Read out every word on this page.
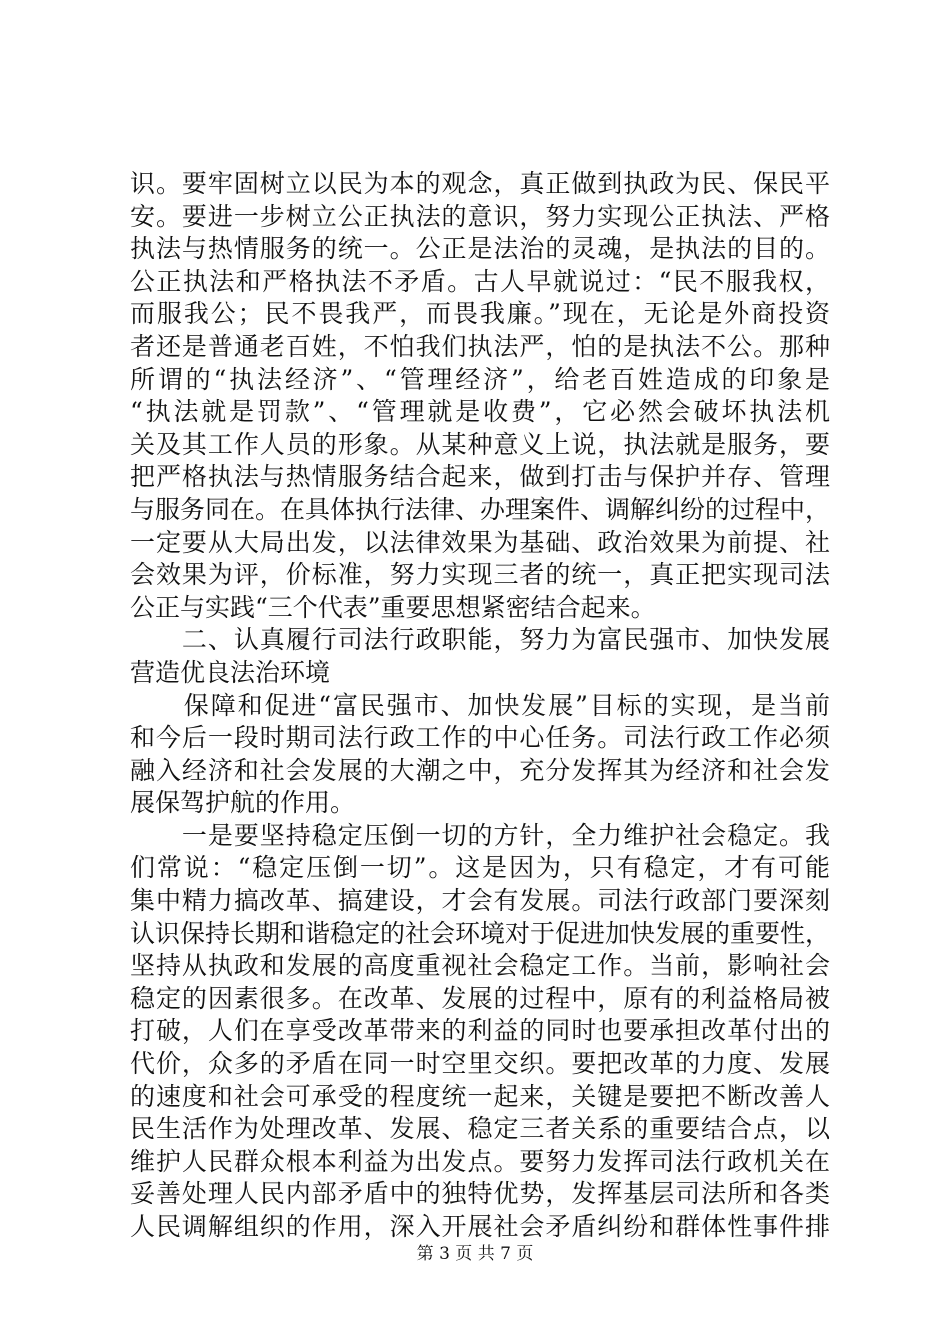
识。要牢固树立以民为本的观念，真正做到执政为民、保民平
安。要进一步树立公正执法的意识，努力实现公正执法、严格
执法与热情服务的统一。公正是法治的灵魂，是执法的目的。
公正执法和严格执法不矛盾。古人早就说过：“民不服我权，
而服我公；民不畏我严，而畏我廉。”现在，无论是外商投资
者还是普通老百姓，不怕我们执法严，怕的是执法不公。那种
所谓的“执法经济”、“管理经济”，给老百姓造成的印象是
“执法就是罚款”、“管理就是收费”，它必然会破坏执法机
关及其工作人员的形象。从某种意义上说，执法就是服务，要
把严格执法与热情服务结合起来，做到打击与保护并存、管理
与服务同在。在具体执行法律、办理案件、调解纠纷的过程中，
一定要从大局出发，以法律效果为基础、政治效果为前提、社
会效果为评，价标准，努力实现三者的统一，真正把实现司法
公正与实践“三个代表”重要思想紧密结合起来。
　　二、认真履行司法行政职能，努力为富民强市、加快发展
营造优良法治环境
　　保障和促进“富民强市、加快发展”目标的实现，是当前
和今后一段时期司法行政工作的中心任务。司法行政工作必须
融入经济和社会发展的大潮之中，充分发挥其为经济和社会发
展保驾护航的作用。
　　一是要坚持稳定压倒一切的方针，全力维护社会稳定。我
们常说：“稳定压倒一切”。这是因为，只有稳定，才有可能
集中精力搞改革、搞建设，才会有发展。司法行政部门要深刻
认识保持长期和谐稳定的社会环境对于促进加快发展的重要性，
坚持从执政和发展的高度重视社会稳定工作。当前，影响社会
稳定的因素很多。在改革、发展的过程中，原有的利益格局被
打破，人们在享受改革带来的利益的同时也要承担改革付出的
代价，众多的矛盾在同一时空里交织。要把改革的力度、发展
的速度和社会可承受的程度统一起来，关键是要把不断改善人
民生活作为处理改革、发展、稳定三者关系的重要结合点，以
维护人民群众根本利益为出发点。要努力发挥司法行政机关在
妥善处理人民内部矛盾中的独特优势，发挥基层司法所和各类
人民调解组织的作用，深入开展社会矛盾纠纷和群体性事件排
第 3 页 共 7 页
